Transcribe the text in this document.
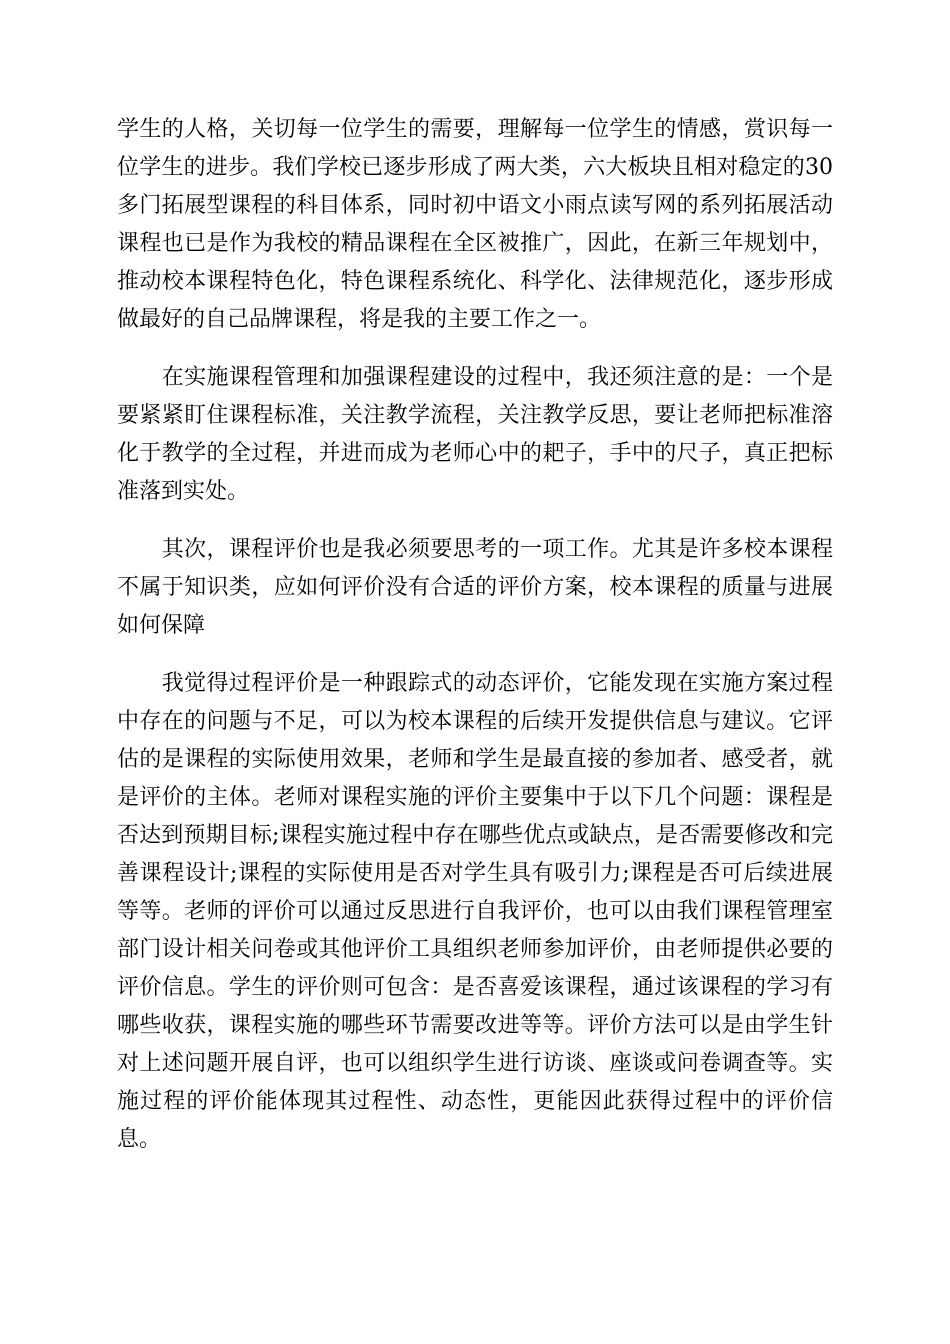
学生的人格，关切每一位学生的需要，理解每一位学生的情感，赏识每一位学生的进步。我们学校已逐步形成了两大类，六大板块且相对稳定的30多门拓展型课程的科目体系，同时初中语文小雨点读写网的系列拓展活动课程也已是作为我校的精品课程在全区被推广，因此，在新三年规划中，推动校本课程特色化，特色课程系统化、科学化、法律规范化，逐步形成做最好的自己品牌课程，将是我的主要工作之一。

　　在实施课程管理和加强课程建设的过程中，我还须注意的是：一个是要紧紧盯住课程标准，关注教学流程，关注教学反思，要让老师把标准溶化于教学的全过程，并进而成为老师心中的耙子，手中的尺子，真正把标准落到实处。

　　其次，课程评价也是我必须要思考的一项工作。尤其是许多校本课程不属于知识类，应如何评价没有合适的评价方案，校本课程的质量与进展如何保障

　　我觉得过程评价是一种跟踪式的动态评价，它能发现在实施方案过程中存在的问题与不足，可以为校本课程的后续开发提供信息与建议。它评估的是课程的实际使用效果，老师和学生是最直接的参加者、感受者，就是评价的主体。老师对课程实施的评价主要集中于以下几个问题：课程是否达到预期目标;课程实施过程中存在哪些优点或缺点，是否需要修改和完善课程设计;课程的实际使用是否对学生具有吸引力;课程是否可后续进展等等。老师的评价可以通过反思进行自我评价，也可以由我们课程管理室部门设计相关问卷或其他评价工具组织老师参加评价，由老师提供必要的评价信息。学生的评价则可包含：是否喜爱该课程，通过该课程的学习有哪些收获，课程实施的哪些环节需要改进等等。评价方法可以是由学生针对上述问题开展自评，也可以组织学生进行访谈、座谈或问卷调查等。实施过程的评价能体现其过程性、动态性，更能因此获得过程中的评价信息。
